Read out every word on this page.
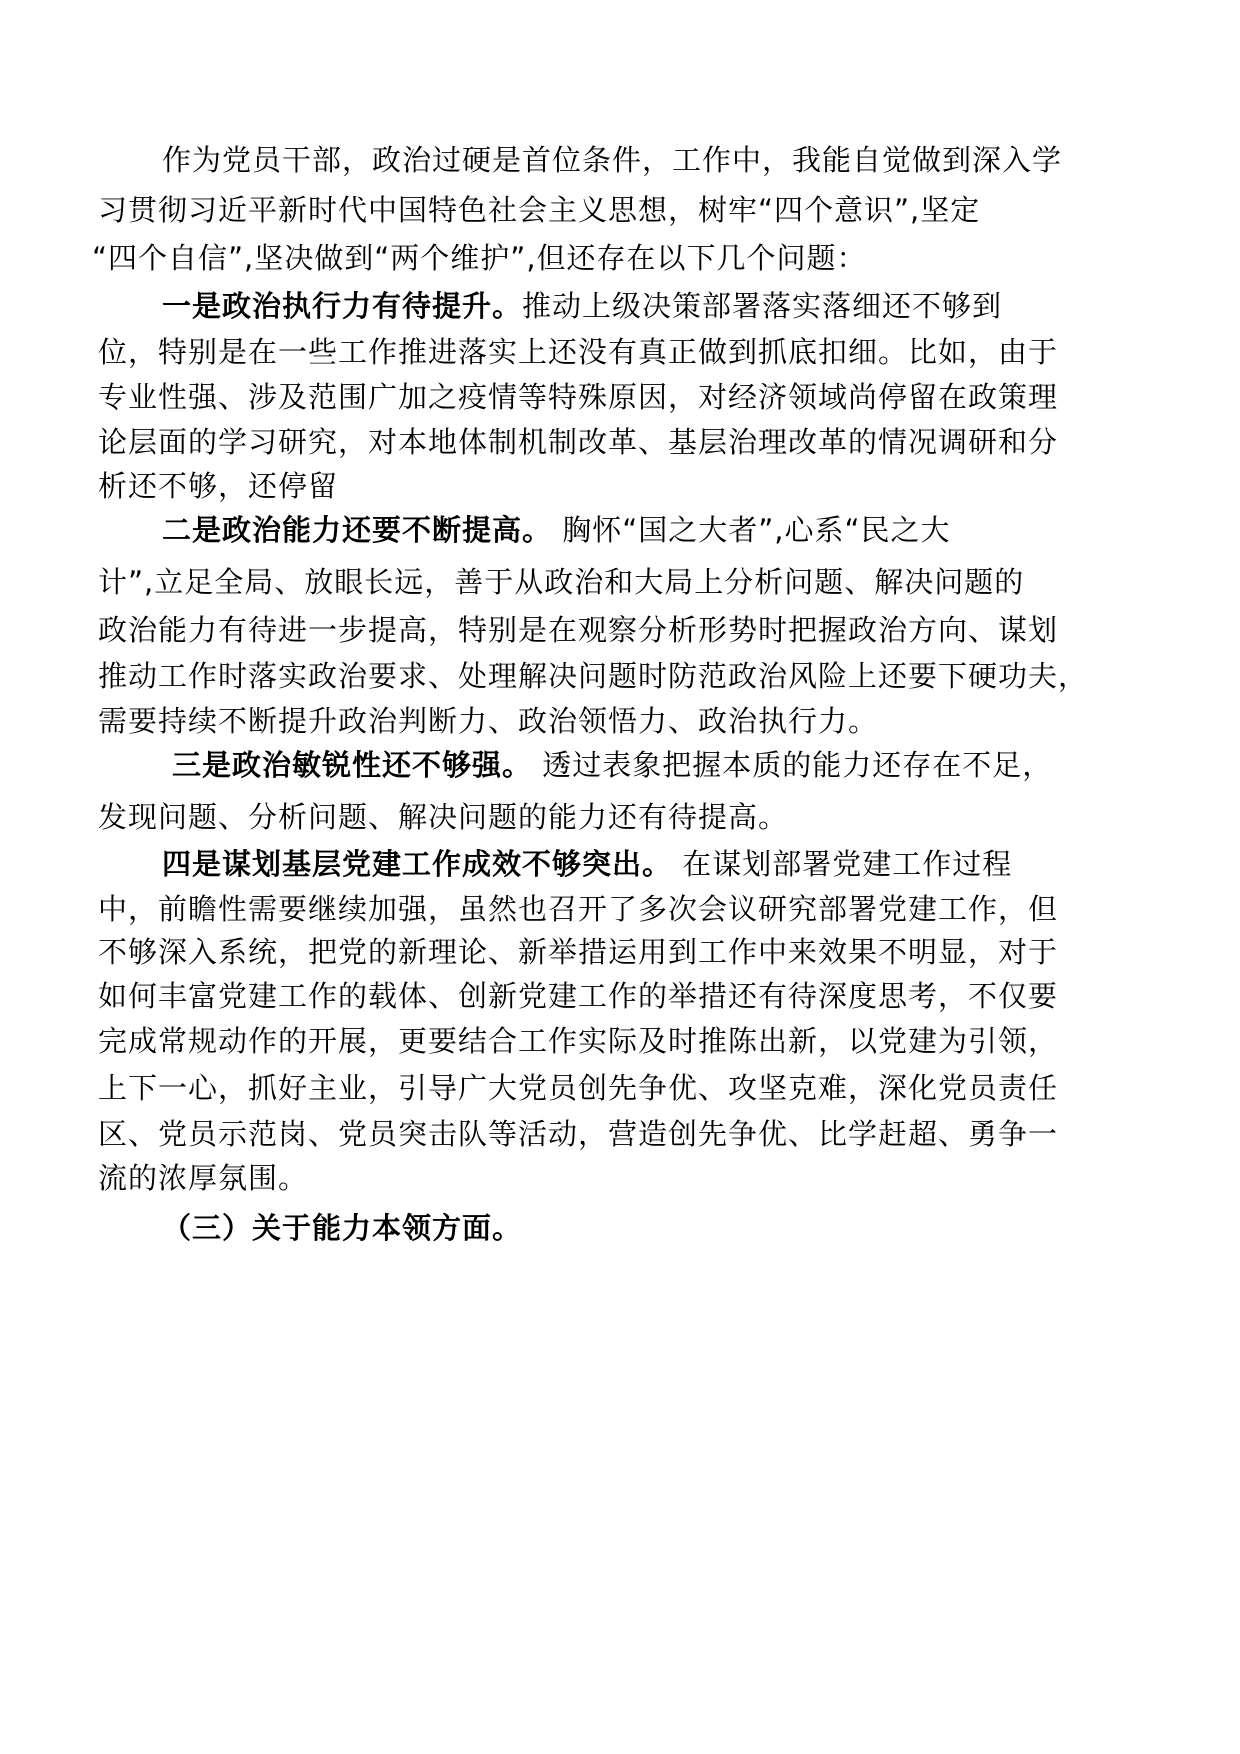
作为党员干部，政治过硬是首位条件，工作中，我能自觉做到深入学

习贯彻习近平新时代中国特色社会主义思想，树牢“四个意识”,坚定

“四个自信”,坚决做到“两个维护”,但还存在以下几个问题：

一是政治执行力有待提升。推动上级决策部署落实落细还不够到

位，特别是在一些工作推进落实上还没有真正做到抓底扣细。比如，由于

专业性强、涉及范围广加之疫情等特殊原因，对经济领域尚停留在政策理

论层面的学习研究，对本地体制机制改革、基层治理改革的情况调研和分

析还不够，还停留

二是政治能力还要不断提高。 胸怀“国之大者”,心系“民之大

计”,立足全局、放眼长远，善于从政治和大局上分析问题、解决问题的

政治能力有待进一步提高，特别是在观察分析形势时把握政治方向、谋划

推动工作时落实政治要求、处理解决问题时防范政治风险上还要下硬功夫，

需要持续不断提升政治判断力、政治领悟力、政治执行力。

三是政治敏锐性还不够强。 透过表象把握本质的能力还存在不足，

发现问题、分析问题、解决问题的能力还有待提高。

四是谋划基层党建工作成效不够突出。 在谋划部署党建工作过程

中，前瞻性需要继续加强，虽然也召开了多次会议研究部署党建工作，但

不够深入系统，把党的新理论、新举措运用到工作中来效果不明显，对于

如何丰富党建工作的载体、创新党建工作的举措还有待深度思考，不仅要

完成常规动作的开展，更要结合工作实际及时推陈出新，以党建为引领，

上下一心，抓好主业，引导广大党员创先争优、攻坚克难，深化党员责任

区、党员示范岗、党员突击队等活动，营造创先争优、比学赶超、勇争一

流的浓厚氛围。

（三）关于能力本领方面。
